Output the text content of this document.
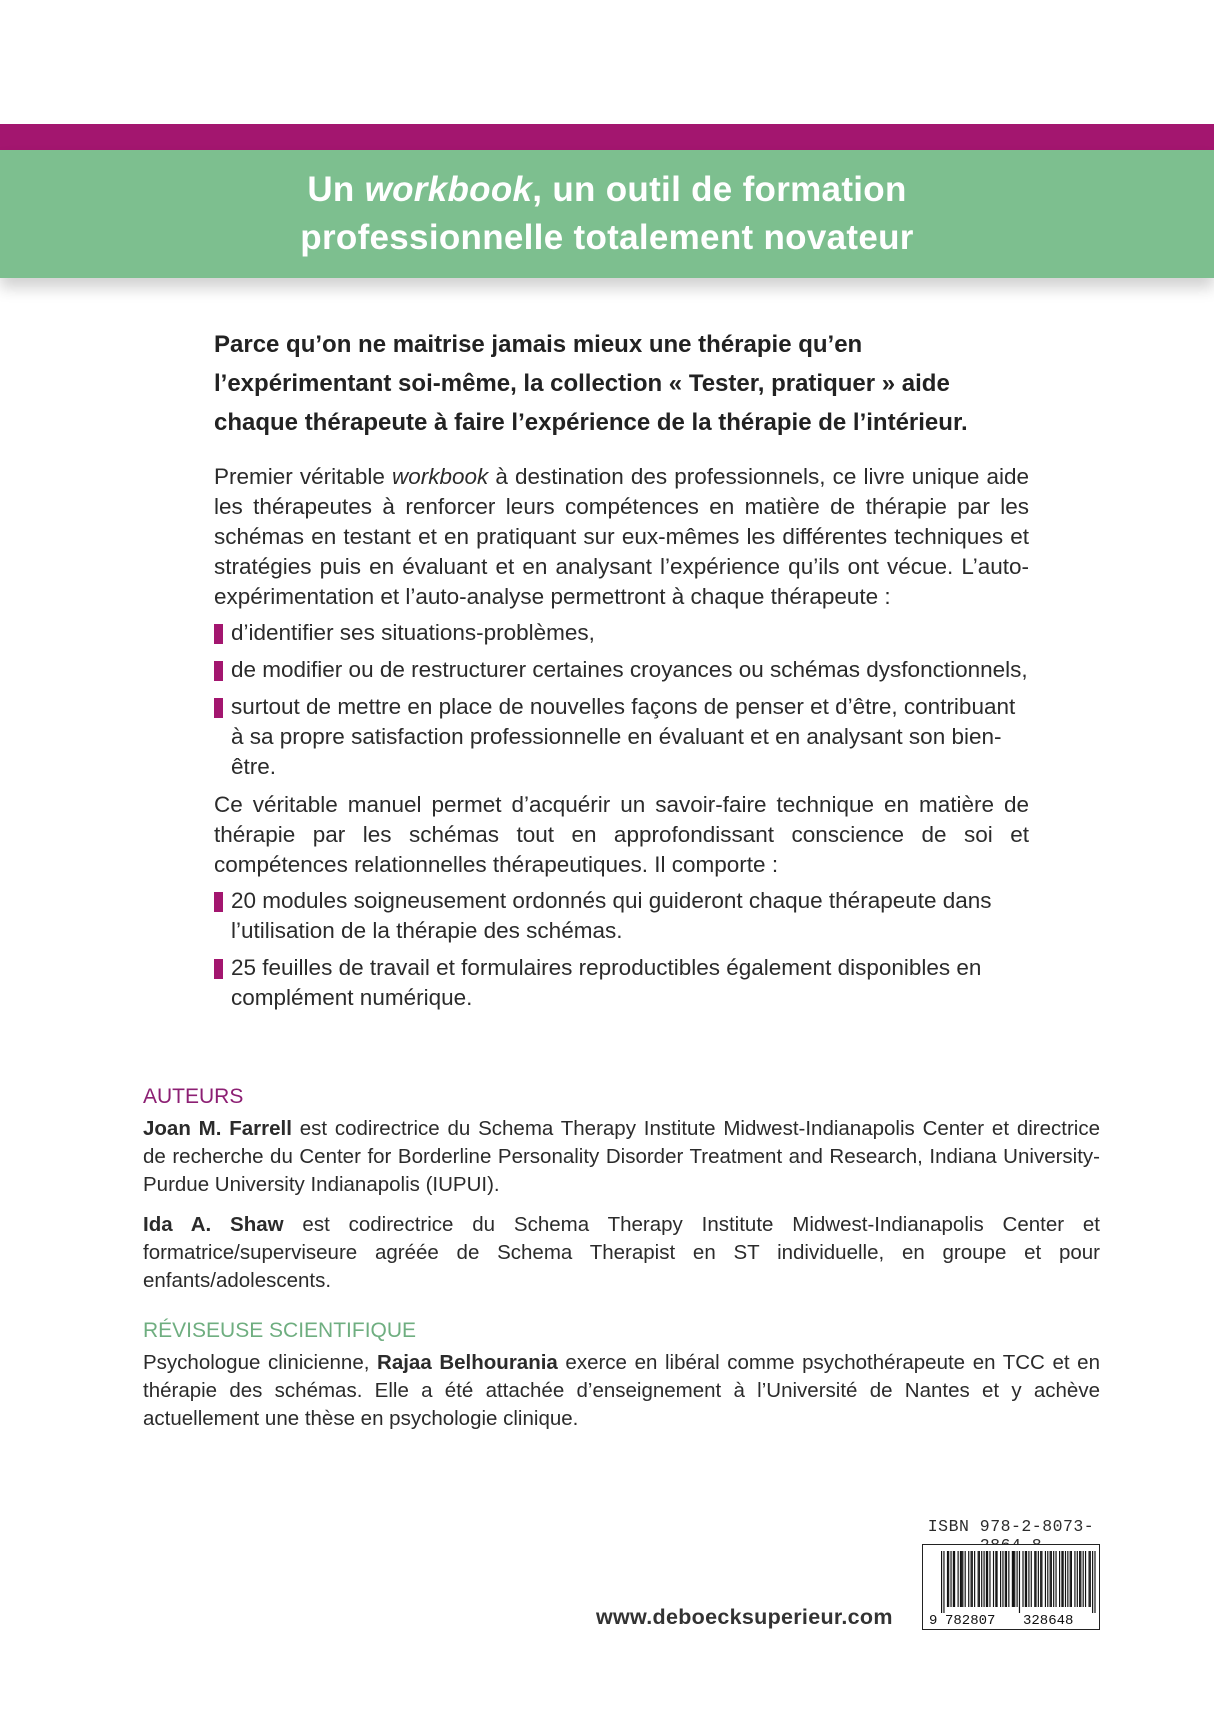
Un workbook, un outil de formation
professionnelle totalement novateur

Parce qu’on ne maitrise jamais mieux une thérapie qu’en l’expérimentant soi-même, la collection « Tester, pratiquer » aide chaque thérapeute à faire l’expérience de la thérapie de l’intérieur.

Premier véritable workbook à destination des professionnels, ce livre unique aide les thérapeutes à renforcer leurs compétences en matière de thérapie par les schémas en testant et en pratiquant sur eux-mêmes les différentes techniques et stratégies puis en évaluant et en analysant l’expérience qu’ils ont vécue. L’auto-expérimentation et l’auto-analyse permettront à chaque thérapeute :

d’identifier ses situations-problèmes,
de modifier ou de restructurer certaines croyances ou schémas dysfonctionnels,
surtout de mettre en place de nouvelles façons de penser et d’être, contribuant à sa propre satisfaction professionnelle en évaluant et en analysant son bien-être.

Ce véritable manuel permet d’acquérir un savoir-faire technique en matière de thérapie par les schémas tout en approfondissant conscience de soi et compétences relationnelles thérapeutiques. Il comporte :

20 modules soigneusement ordonnés qui guideront chaque thérapeute dans l’utilisation de la thérapie des schémas.
25 feuilles de travail et formulaires reproductibles également disponibles en complément numérique.
AUTEURS

Joan M. Farrell est codirectrice du Schema Therapy Institute Midwest-Indianapolis Center et directrice de recherche du Center for Borderline Personality Disorder Treatment and Research, Indiana University-Purdue University Indianapolis (IUPUI).

Ida A. Shaw est codirectrice du Schema Therapy Institute Midwest-Indianapolis Center et formatrice/superviseure agréée de Schema Therapist en ST individuelle, en groupe et pour enfants/adolescents.

RÉVISEUSE SCIENTIFIQUE

Psychologue clinicienne, Rajaa Belhourania exerce en libéral comme psychothérapeute en TCC et en thérapie des schémas. Elle a été attachée d’enseignement à l’Université de Nantes et y achève actuellement une thèse en psychologie clinique.

ISBN 978-2-8073-
9 782807 328648
www.deboecksuperieur.com
